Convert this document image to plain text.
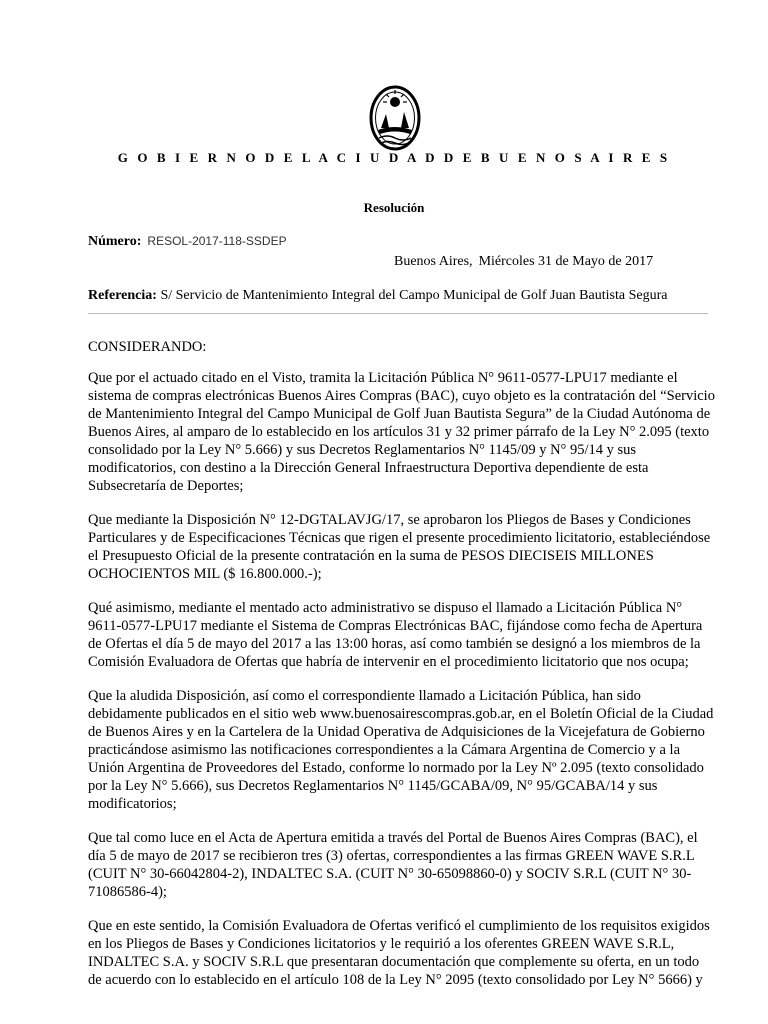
G O B I E R N O D E L A C I U D A D D E B U E N O S A I R E S
Resolución
Número: RESOL-2017-118-SSDEP
Buenos Aires, Miércoles 31 de Mayo de 2017
Referencia: S/ Servicio de Mantenimiento Integral del Campo Municipal de Golf Juan Bautista Segura
CONSIDERANDO:
Que por el actuado citado en el Visto, tramita la Licitación Pública N° 9611-0577-LPU17 mediante el
sistema de compras electrónicas Buenos Aires Compras (BAC), cuyo objeto es la contratación del “Servicio
de Mantenimiento Integral del Campo Municipal de Golf Juan Bautista Segura” de la Ciudad Autónoma de
Buenos Aires, al amparo de lo establecido en los artículos 31 y 32 primer párrafo de la Ley N° 2.095 (texto
consolidado por la Ley N° 5.666) y sus Decretos Reglamentarios N° 1145/09 y N° 95/14 y sus
modificatorios, con destino a la Dirección General Infraestructura Deportiva dependiente de esta
Subsecretaría de Deportes;
Que mediante la Disposición N° 12-DGTALAVJG/17, se aprobaron los Pliegos de Bases y Condiciones
Particulares y de Especificaciones Técnicas que rigen el presente procedimiento licitatorio, estableciéndose
el Presupuesto Oficial de la presente contratación en la suma de PESOS DIECISEIS MILLONES
OCHOCIENTOS MIL ($ 16.800.000.-);
Qué asimismo, mediante el mentado acto administrativo se dispuso el llamado a Licitación Pública N°
9611-0577-LPU17 mediante el Sistema de Compras Electrónicas BAC, fijándose como fecha de Apertura
de Ofertas el día 5 de mayo del 2017 a las 13:00 horas, así como también se designó a los miembros de la
Comisión Evaluadora de Ofertas que habría de intervenir en el procedimiento licitatorio que nos ocupa;
Que la aludida Disposición, así como el correspondiente llamado a Licitación Pública, han sido
debidamente publicados en el sitio web www.buenosairescompras.gob.ar, en el Boletín Oficial de la Ciudad
de Buenos Aires y en la Cartelera de la Unidad Operativa de Adquisiciones de la Vicejefatura de Gobierno
practicándose asimismo las notificaciones correspondientes a la Cámara Argentina de Comercio y a la
Unión Argentina de Proveedores del Estado, conforme lo normado por la Ley Nº 2.095 (texto consolidado
por la Ley N° 5.666), sus Decretos Reglamentarios N° 1145/GCABA/09, N° 95/GCABA/14 y sus
modificatorios;
Que tal como luce en el Acta de Apertura emitida a través del Portal de Buenos Aires Compras (BAC), el
día 5 de mayo de 2017 se recibieron tres (3) ofertas, correspondientes a las firmas GREEN WAVE S.R.L
(CUIT N° 30-66042804-2), INDALTEC S.A. (CUIT N° 30-65098860-0) y SOCIV S.R.L (CUIT N° 30-
71086586-4);
Que en este sentido, la Comisión Evaluadora de Ofertas verificó el cumplimiento de los requisitos exigidos
en los Pliegos de Bases y Condiciones licitatorios y le requirió a los oferentes GREEN WAVE S.R.L,
INDALTEC S.A. y SOCIV S.R.L que presentaran documentación que complemente su oferta, en un todo
de acuerdo con lo establecido en el artículo 108 de la Ley N° 2095 (texto consolidado por Ley N° 5666) y
